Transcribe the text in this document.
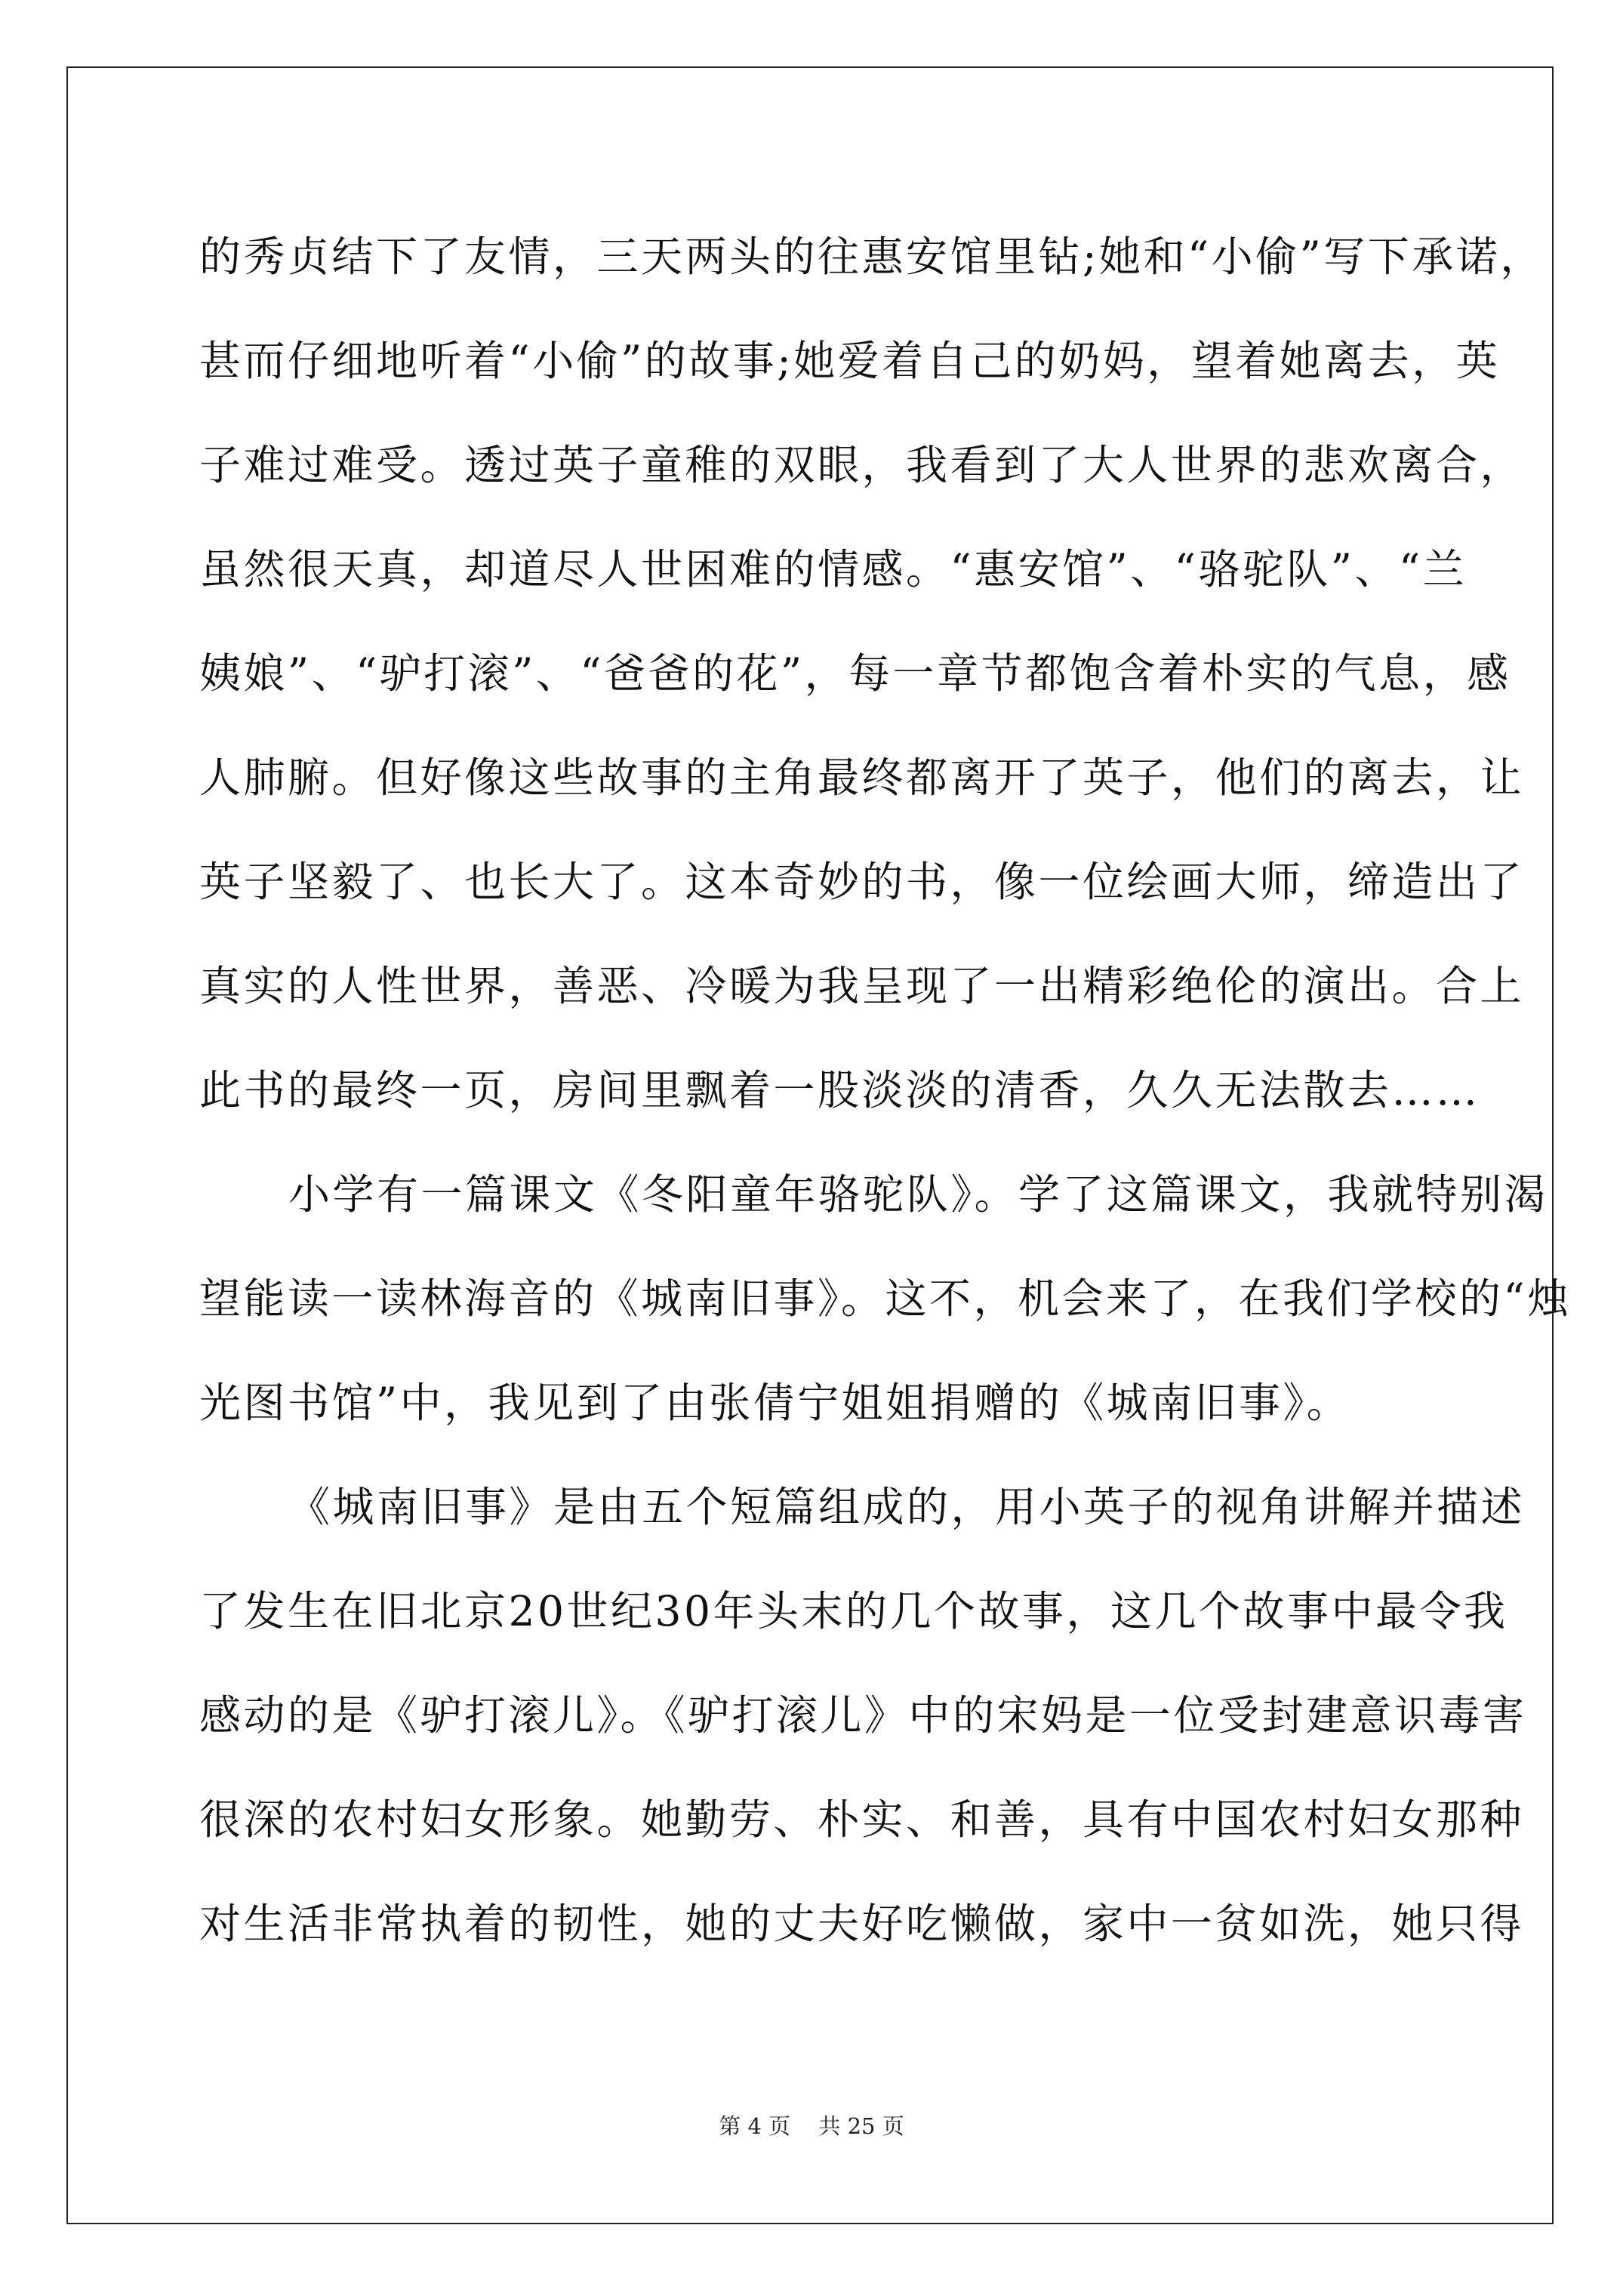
的秀贞结下了友情，三天两头的往惠安馆里钻;她和“小偷”写下承诺，
甚而仔细地听着“小偷”的故事;她爱着自己的奶妈，望着她离去，英
子难过难受。透过英子童稚的双眼，我看到了大人世界的悲欢离合，
虽然很天真，却道尽人世困难的情感。“惠安馆”、“骆驼队”、“兰
姨娘”、“驴打滚”、“爸爸的花”，每一章节都饱含着朴实的气息，感
人肺腑。但好像这些故事的主角最终都离开了英子，他们的离去，让
英子坚毅了、也长大了。这本奇妙的书，像一位绘画大师，缔造出了
真实的人性世界，善恶、冷暖为我呈现了一出精彩绝伦的演出。合上
此书的最终一页，房间里飘着一股淡淡的清香，久久无法散去……
小学有一篇课文《冬阳童年骆驼队》。学了这篇课文，我就特别渴
望能读一读林海音的《城南旧事》。这不，机会来了，在我们学校的“烛
光图书馆”中，我见到了由张倩宁姐姐捐赠的《城南旧事》。
《城南旧事》是由五个短篇组成的，用小英子的视角讲解并描述
了发生在旧北京20世纪30年头末的几个故事，这几个故事中最令我
感动的是《驴打滚儿》。《驴打滚儿》中的宋妈是一位受封建意识毒害
很深的农村妇女形象。她勤劳、朴实、和善，具有中国农村妇女那种
对生活非常执着的韧性，她的丈夫好吃懒做，家中一贫如洗，她只得
第 4 页 共 25 页
